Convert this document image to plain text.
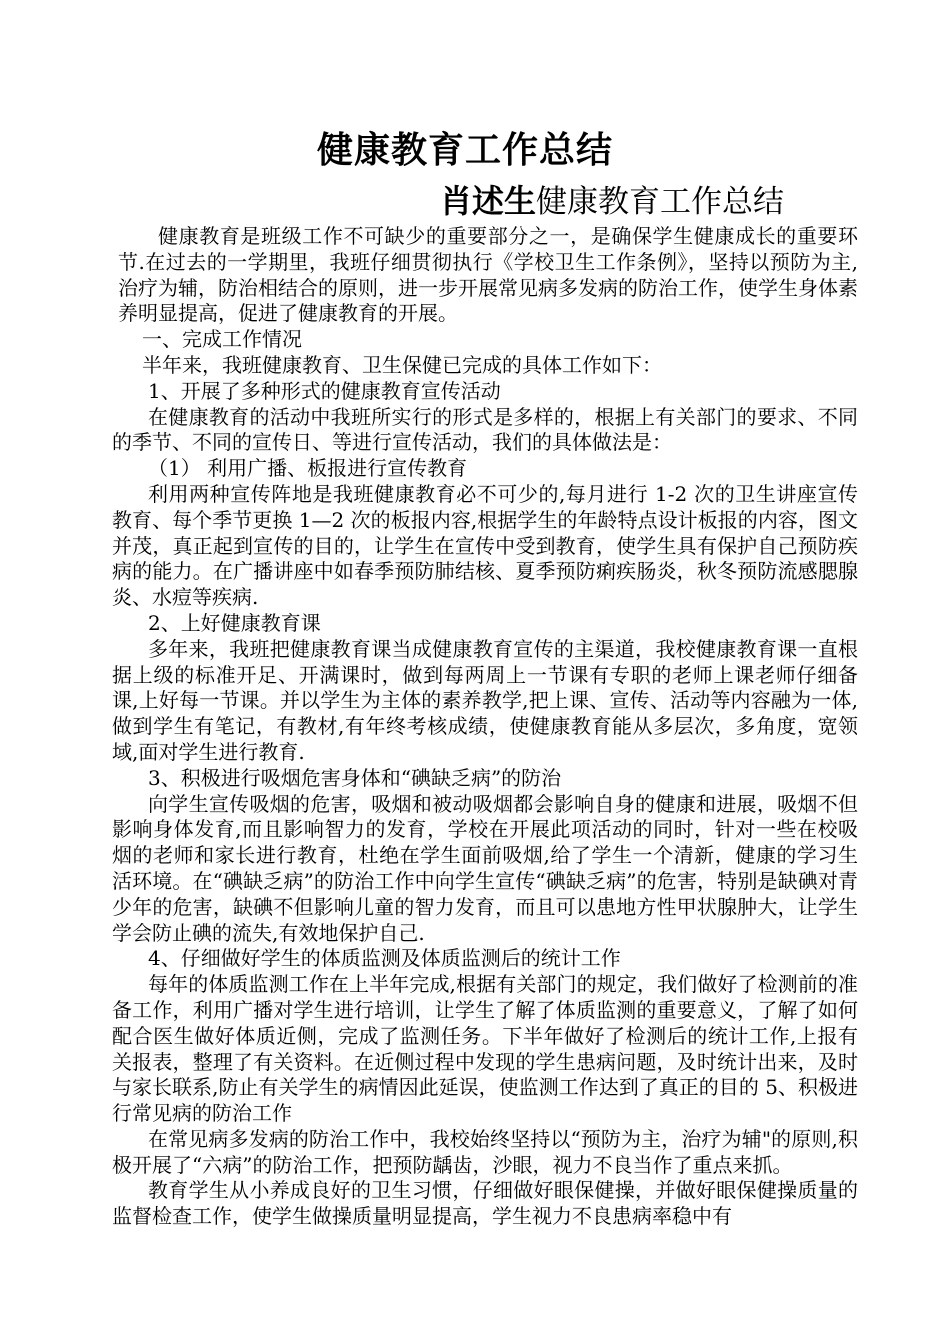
健康教育工作总结
肖述生健康教育工作总结

健康教育是班级工作不可缺少的重要部分之一，是确保学生健康成长的重要环节.在过去的一学期里，我班仔细贯彻执行《学校卫生工作条例》，坚持以预防为主,治疗为辅，防治相结合的原则，进一步开展常见病多发病的防治工作，使学生身体素养明显提高，促进了健康教育的开展。

一、完成工作情况

半年来，我班健康教育、卫生保健已完成的具体工作如下：

1、开展了多种形式的健康教育宣传活动

在健康教育的活动中我班所实行的形式是多样的，根据上有关部门的要求、不同的季节、不同的宣传日、等进行宣传活动，我们的具体做法是：

（1） 利用广播、板报进行宣传教育

利用两种宣传阵地是我班健康教育必不可少的,每月进行 1-2 次的卫生讲座宣传教育、每个季节更换 1—2 次的板报内容,根据学生的年龄特点设计板报的内容，图文并茂，真正起到宣传的目的，让学生在宣传中受到教育，使学生具有保护自己预防疾病的能力。在广播讲座中如春季预防肺结核、夏季预防痢疾肠炎，秋冬预防流感腮腺炎、水痘等疾病.

2、上好健康教育课

多年来，我班把健康教育课当成健康教育宣传的主渠道，我校健康教育课一直根据上级的标准开足、开满课时，做到每两周上一节课有专职的老师上课老师仔细备课,上好每一节课。并以学生为主体的素养教学,把上课、宣传、活动等内容融为一体,做到学生有笔记，有教材,有年终考核成绩，使健康教育能从多层次，多角度，宽领域,面对学生进行教育.

3、积极进行吸烟危害身体和“碘缺乏病”的防治

向学生宣传吸烟的危害，吸烟和被动吸烟都会影响自身的健康和进展，吸烟不但影响身体发育,而且影响智力的发育，学校在开展此项活动的同时，针对一些在校吸烟的老师和家长进行教育，杜绝在学生面前吸烟,给了学生一个清新，健康的学习生活环境。在“碘缺乏病”的防治工作中向学生宣传“碘缺乏病”的危害，特别是缺碘对青少年的危害，缺碘不但影响儿童的智力发育，而且可以患地方性甲状腺肿大，让学生学会防止碘的流失,有效地保护自己.

4、仔细做好学生的体质监测及体质监测后的统计工作

每年的体质监测工作在上半年完成,根据有关部门的规定，我们做好了检测前的准备工作，利用广播对学生进行培训，让学生了解了体质监测的重要意义，了解了如何配合医生做好体质近侧，完成了监测任务。下半年做好了检测后的统计工作,上报有关报表，整理了有关资料。在近侧过程中发现的学生患病问题，及时统计出来，及时与家长联系,防止有关学生的病情因此延误，使监测工作达到了真正的目的 5、积极进行常见病的防治工作

在常见病多发病的防治工作中，我校始终坚持以“预防为主，治疗为辅"的原则,积极开展了“六病”的防治工作，把预防龋齿，沙眼，视力不良当作了重点来抓。

教育学生从小养成良好的卫生习惯，仔细做好眼保健操，并做好眼保健操质量的监督检查工作，使学生做操质量明显提高，学生视力不良患病率稳中有
